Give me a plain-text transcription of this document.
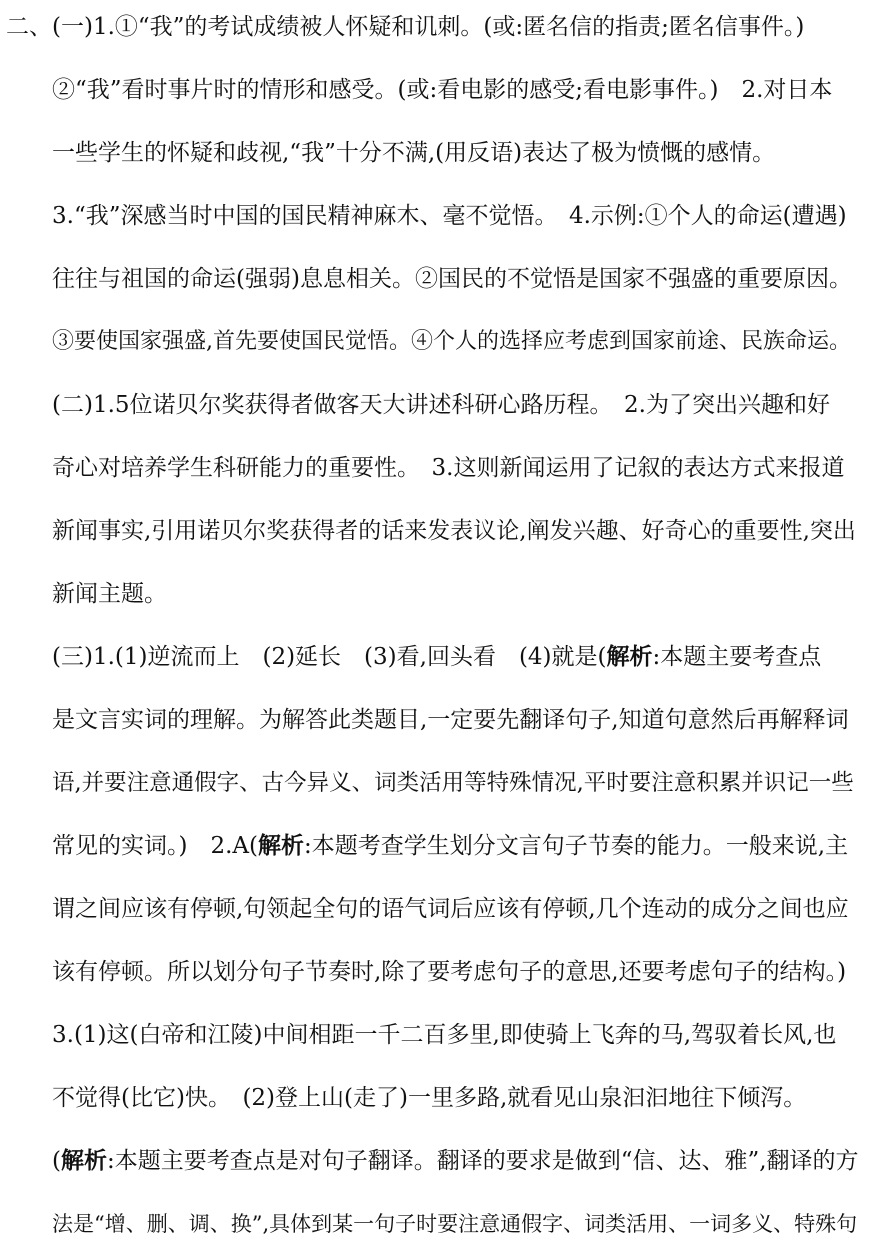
二、(一)1.①“我”的考试成绩被人怀疑和讥刺。(或:匿名信的指责;匿名信事件。)
②“我”看时事片时的情形和感受。(或:看电影的感受;看电影事件。)　2.对日本
一些学生的怀疑和歧视,“我”十分不满,(用反语)表达了极为愤慨的感情。
3.“我”深感当时中国的国民精神麻木、毫不觉悟。　4.示例:①个人的命运(遭遇)
往往与祖国的命运(强弱)息息相关。②国民的不觉悟是国家不强盛的重要原因。
③要使国家强盛,首先要使国民觉悟。④个人的选择应考虑到国家前途、民族命运。
(二)1.5位诺贝尔奖获得者做客天大讲述科研心路历程。　2.为了突出兴趣和好
奇心对培养学生科研能力的重要性。　3.这则新闻运用了记叙的表达方式来报道
新闻事实,引用诺贝尔奖获得者的话来发表议论,阐发兴趣、好奇心的重要性,突出
新闻主题。
(三)1.(1)逆流而上　(2)延长　(3)看,回头看　(4)就是(解析:本题主要考查点
是文言实词的理解。为解答此类题目,一定要先翻译句子,知道句意然后再解释词
语,并要注意通假字、古今异义、词类活用等特殊情况,平时要注意积累并识记一些
常见的实词。)　2.A(解析:本题考查学生划分文言句子节奏的能力。一般来说,主
谓之间应该有停顿,句领起全句的语气词后应该有停顿,几个连动的成分之间也应
该有停顿。所以划分句子节奏时,除了要考虑句子的意思,还要考虑句子的结构。)
3.(1)这(白帝和江陵)中间相距一千二百多里,即使骑上飞奔的马,驾驭着长风,也
不觉得(比它)快。　(2)登上山(走了)一里多路,就看见山泉汩汩地往下倾泻。
(解析:本题主要考查点是对句子翻译。翻译的要求是做到“信、达、雅”,翻译的方
法是“增、删、调、换”,具体到某一句子时要注意通假字、词类活用、一词多义、特殊句
